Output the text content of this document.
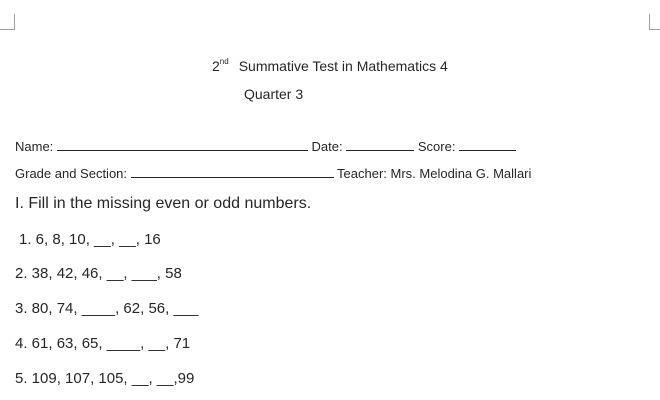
2nd Summative Test in Mathematics 4
Quarter 3
Name:	Date:	Score:
Grade and Section:	Teacher: Mrs. Melodina G. Mallari
I. Fill in the missing even or odd numbers.
1. 6, 8, 10, __, __, 16
2. 38, 42, 46, __, ___, 58
3. 80, 74, ____, 62, 56, ___
4. 61, 63, 65, ____, __, 71
5. 109, 107, 105, __, __,99
